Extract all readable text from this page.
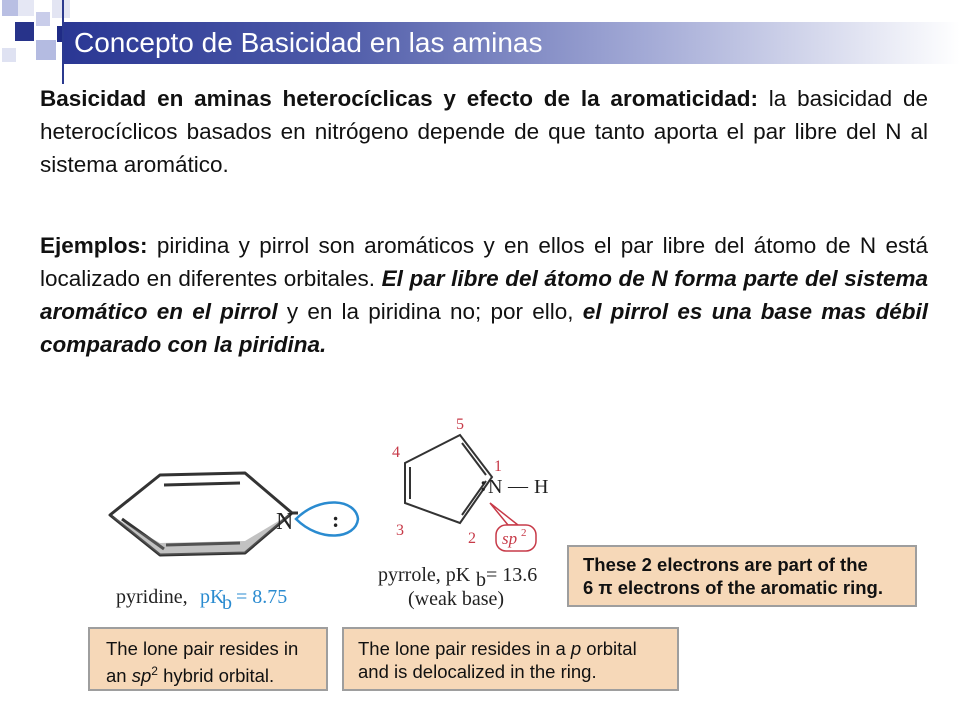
Concepto de Basicidad en las aminas

Basicidad en aminas heterocíclicas y efecto de la aromaticidad: la basicidad de heterocíclicos basados en nitrógeno depende de que tanto aporta el par libre del N al sistema aromático.

Ejemplos: piridina y pirrol son aromáticos y en ellos el par libre del átomo de N está localizado en diferentes orbitales. El par libre del átomo de N forma parte del sistema aromático en el pirrol y en la piridina no; por ello, el pirrol es una base mas débil comparado con la piridina.

N :
pyridine, pK
b = 8.75
5
4
1
3	2
: N — H
sp 2
pyrrole, pK b = 13.6
(weak base)
These 2 electrons are part of the
6 π electrons of the aromatic ring.
The lone pair resides in
an $sp^2$ hybrid orbital.
The lone pair resides in a p orbital
and is delocalized in the ring.
